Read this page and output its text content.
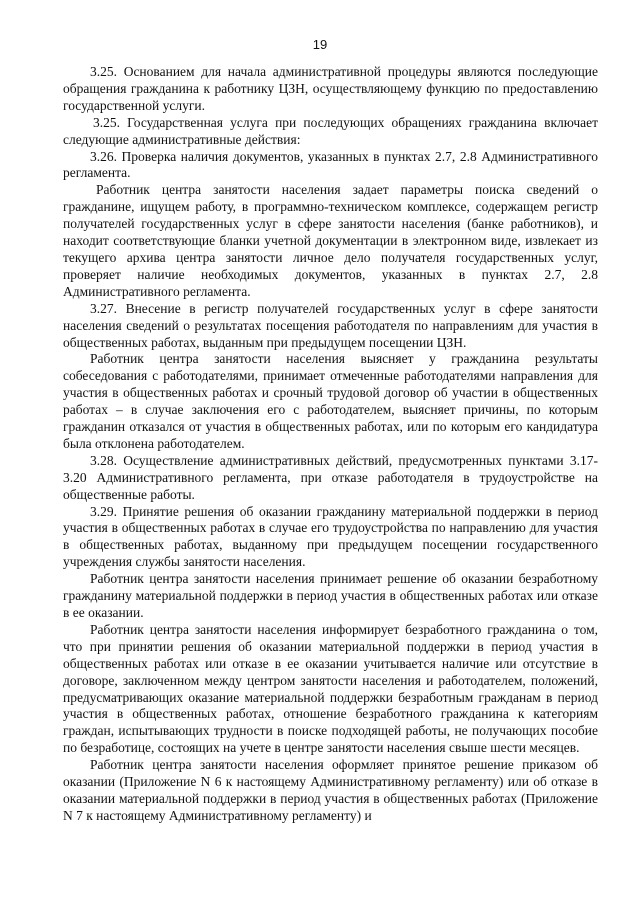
19

3.25. Основанием для начала административной процедуры являются последующие обращения гражданина к работнику ЦЗН, осуществляющему функцию по предоставлению государственной услуги.

3.25. Государственная услуга при последующих обращениях гражданина включает следующие административные действия:

3.26. Проверка наличия документов, указанных в пунктах 2.7, 2.8 Административного регламента.

Работник центра занятости населения задает параметры поиска сведений о гражданине, ищущем работу, в программно-техническом комплексе, содержащем регистр получателей государственных услуг в сфере занятости населения (банке работников), и находит соответствующие бланки учетной документации в электронном виде, извлекает из текущего архива центра занятости личное дело получателя государственных услуг, проверяет наличие необходимых документов, указанных в пунктах 2.7, 2.8 Административного регламента.

3.27. Внесение в регистр получателей государственных услуг в сфере занятости населения сведений о результатах посещения работодателя по направлениям для участия в общественных работах, выданным при предыдущем посещении ЦЗН.

Работник центра занятости населения выясняет у гражданина результаты собеседования с работодателями, принимает отмеченные работодателями направления для участия в общественных работах и срочный трудовой договор об участии в общественных работах – в случае заключения его с работодателем, выясняет причины, по которым гражданин отказался от участия в общественных работах, или по которым его кандидатура была отклонена работодателем.

3.28. Осуществление административных действий, предусмотренных пунктами 3.17-3.20 Административного регламента, при отказе работодателя в трудоустройстве на общественные работы.

3.29. Принятие решения об оказании гражданину материальной поддержки в период участия в общественных работах в случае его трудоустройства по направлению для участия в общественных работах, выданному при предыдущем посещении государственного учреждения службы занятости населения.

Работник центра занятости населения принимает решение об оказании безработному гражданину материальной поддержки в период участия в общественных работах или отказе в ее оказании.

Работник центра занятости населения информирует безработного гражданина о том, что при принятии решения об оказании материальной поддержки в период участия в общественных работах или отказе в ее оказании учитывается наличие или отсутствие в договоре, заключенном между центром занятости населения и работодателем, положений, предусматривающих оказание материальной поддержки безработным гражданам в период участия в общественных работах, отношение безработного гражданина к категориям граждан, испытывающих трудности в поиске подходящей работы, не получающих пособие по безработице, состоящих на учете в центре занятости населения свыше шести месяцев.

Работник центра занятости населения оформляет принятое решение приказом об оказании (Приложение N 6 к настоящему Административному регламенту) или об отказе в оказании материальной поддержки в период участия в общественных работах (Приложение N 7 к настоящему Административному регламенту) и
